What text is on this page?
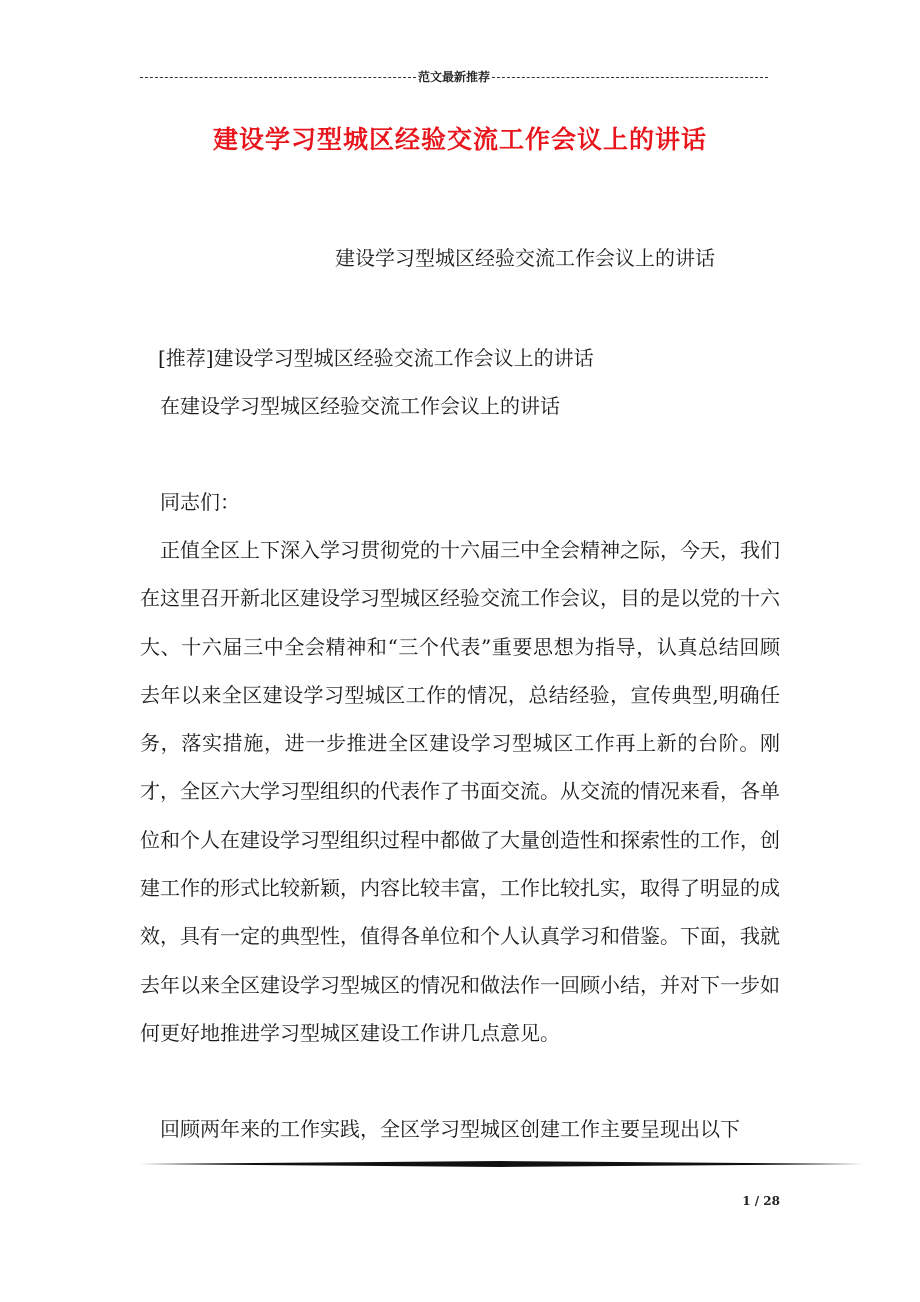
范文最新推荐
建设学习型城区经验交流工作会议上的讲话
建设学习型城区经验交流工作会议上的讲话
[推荐]建设学习型城区经验交流工作会议上的讲话
在建设学习型城区经验交流工作会议上的讲话
同志们：

正值全区上下深入学习贯彻党的十六届三中全会精神之际，今天，我们在这里召开新北区建设学习型城区经验交流工作会议，目的是以党的十六大、十六届三中全会精神和“三个代表”重要思想为指导，认真总结回顾去年以来全区建设学习型城区工作的情况，总结经验，宣传典型,明确任务，落实措施，进一步推进全区建设学习型城区工作再上新的台阶。刚才，全区六大学习型组织的代表作了书面交流。从交流的情况来看，各单位和个人在建设学习型组织过程中都做了大量创造性和探索性的工作，创建工作的形式比较新颖，内容比较丰富，工作比较扎实，取得了明显的成效，具有一定的典型性，值得各单位和个人认真学习和借鉴。下面，我就去年以来全区建设学习型城区的情况和做法作一回顾小结，并对下一步如何更好地推进学习型城区建设工作讲几点意见。

回顾两年来的工作实践，全区学习型城区创建工作主要呈现出以下

1 / 28
